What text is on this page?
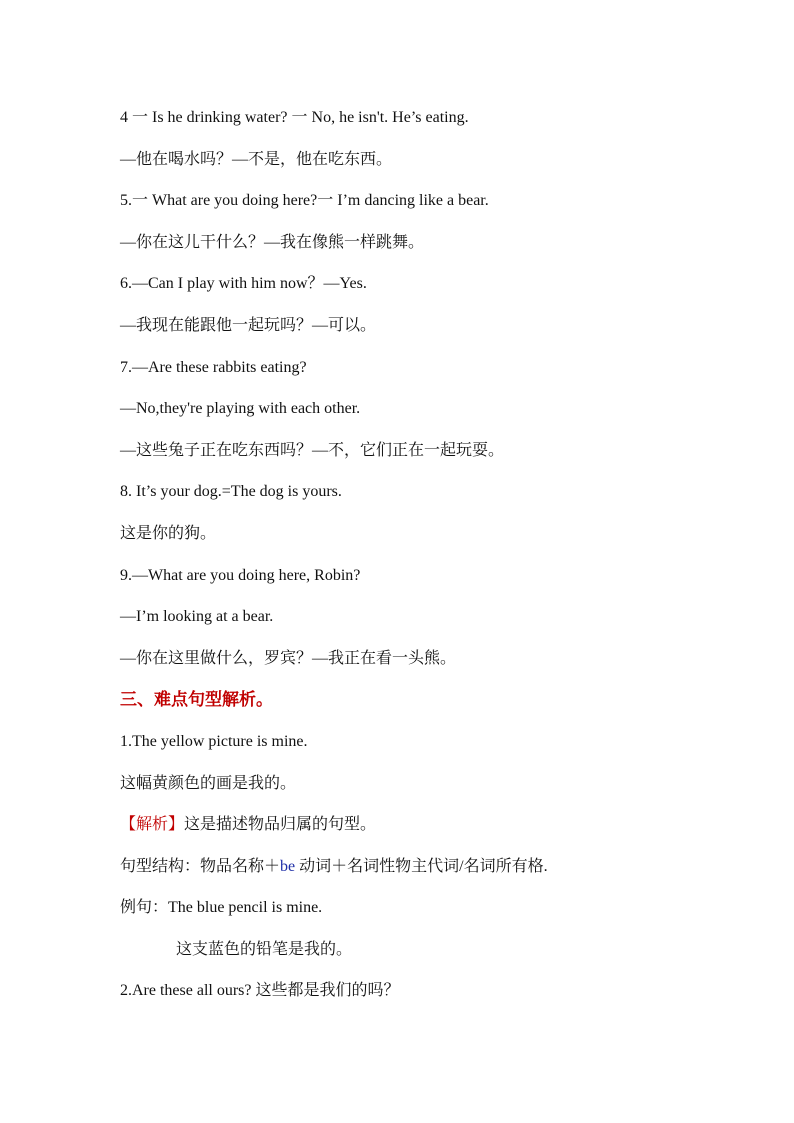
4 一 Is he drinking water? 一 No, he isn't. He’s eating.
—他在喝水吗？—不是，他在吃东西。
5.一 What are you doing here?一 I’m dancing like a bear.
—你在这儿干什么？—我在像熊一样跳舞。
6.—Can I play with him now？—Yes.
—我现在能跟他一起玩吗？—可以。
7.—Are these rabbits eating?
—No,they're playing with each other.
—这些兔子正在吃东西吗？—不，它们正在一起玩耍。
8. It’s your dog.=The dog is yours.
这是你的狗。
9.—What are you doing here, Robin?
—I’m looking at a bear.
—你在这里做什么，罗宾？—我正在看一头熊。
三、难点句型解析。
1.The yellow picture is mine.
这幅黄颜色的画是我的。
【解析】这是描述物品归属的句型。
句型结构：物品名称＋be 动词＋名词性物主代词/名词所有格.
例句：The blue pencil is mine.
这支蓝色的铅笔是我的。
2.Are these all ours? 这些都是我们的吗？
